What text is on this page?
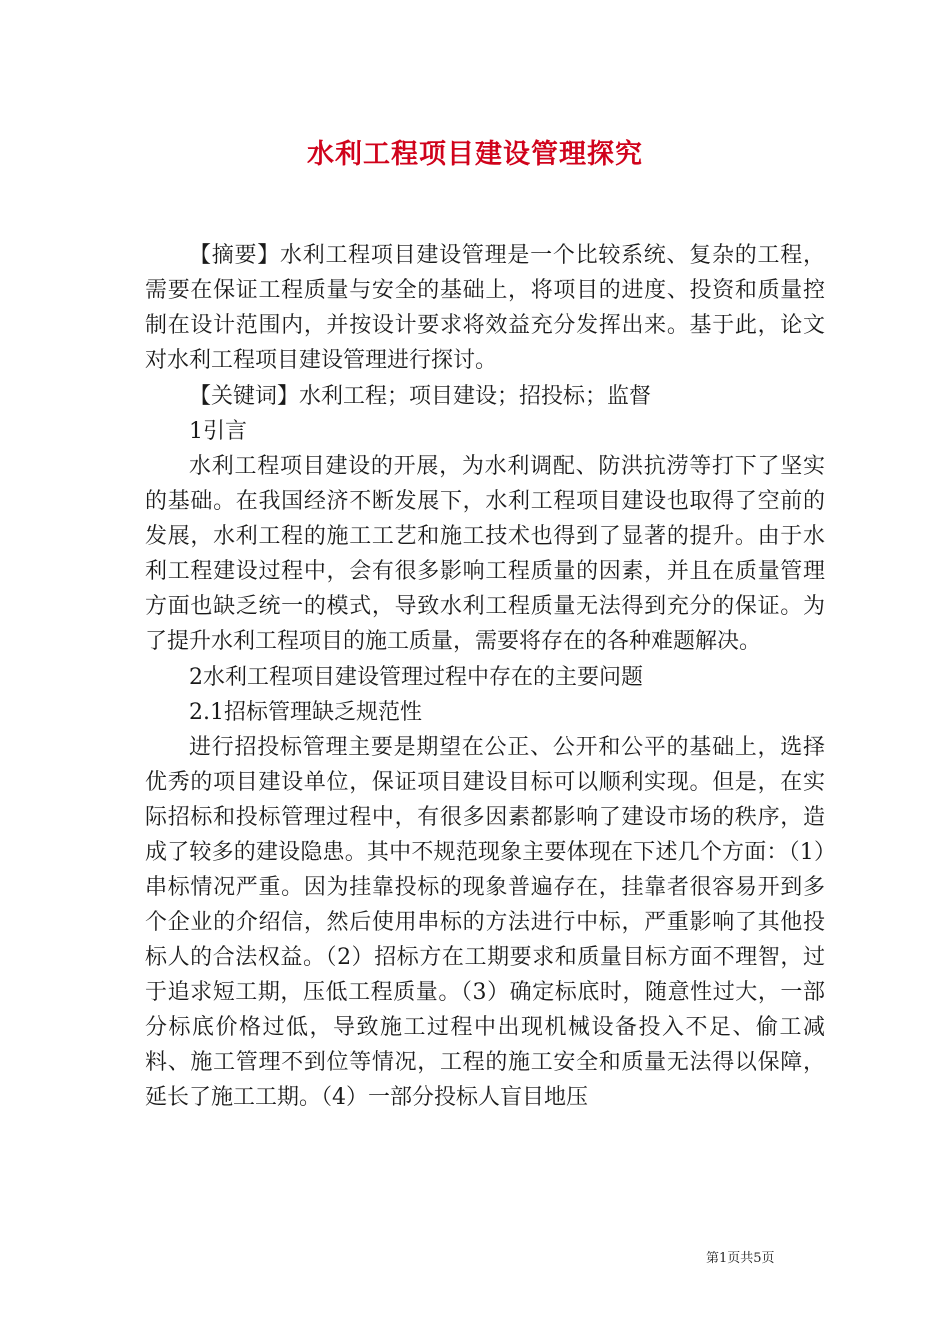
水利工程项目建设管理探究

【摘要】水利工程项目建设管理是一个比较系统、复杂的工程，需要在保证工程质量与安全的基础上，将项目的进度、投资和质量控制在设计范围内，并按设计要求将效益充分发挥出来。基于此，论文对水利工程项目建设管理进行探讨。

【关键词】水利工程；项目建设；招投标；监督

1引言

水利工程项目建设的开展，为水利调配、防洪抗涝等打下了坚实的基础。在我国经济不断发展下，水利工程项目建设也取得了空前的发展，水利工程的施工工艺和施工技术也得到了显著的提升。由于水利工程建设过程中，会有很多影响工程质量的因素，并且在质量管理方面也缺乏统一的模式，导致水利工程质量无法得到充分的保证。为了提升水利工程项目的施工质量，需要将存在的各种难题解决。

2水利工程项目建设管理过程中存在的主要问题

2.1招标管理缺乏规范性

进行招投标管理主要是期望在公正、公开和公平的基础上，选择优秀的项目建设单位，保证项目建设目标可以顺利实现。但是，在实际招标和投标管理过程中，有很多因素都影响了建设市场的秩序，造成了较多的建设隐患。其中不规范现象主要体现在下述几个方面：（1）串标情况严重。因为挂靠投标的现象普遍存在，挂靠者很容易开到多个企业的介绍信，然后使用串标的方法进行中标，严重影响了其他投标人的合法权益。（2）招标方在工期要求和质量目标方面不理智，过于追求短工期，压低工程质量。（3）确定标底时，随意性过大，一部分标底价格过低，导致施工过程中出现机械设备投入不足、偷工减料、施工管理不到位等情况，工程的施工安全和质量无法得以保障，延长了施工工期。（4）一部分投标人盲目地压

第1页共5页
